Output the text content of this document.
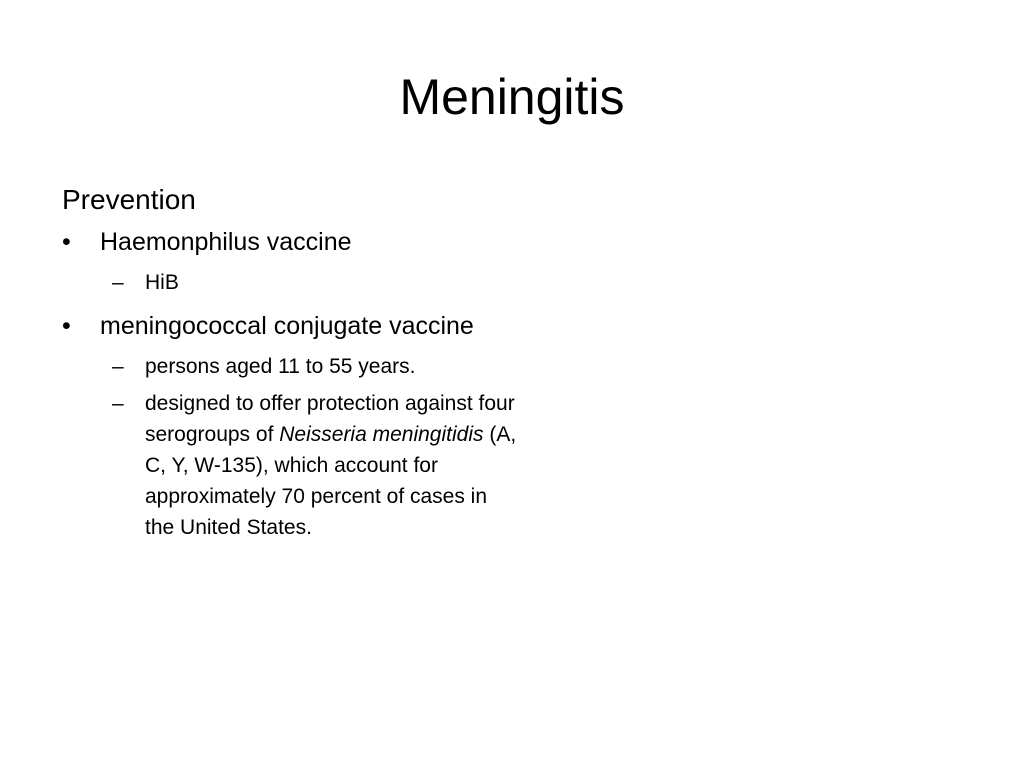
Meningitis

Prevention

•	Haemonphilus vaccine
–	HiB
•	meningococcal conjugate vaccine
–	persons aged 11 to 55 years.
–	designed to offer protection against four serogroups of Neisseria meningitidis (A, C, Y, W-135), which account for approximately 70 percent of cases in the United States.
